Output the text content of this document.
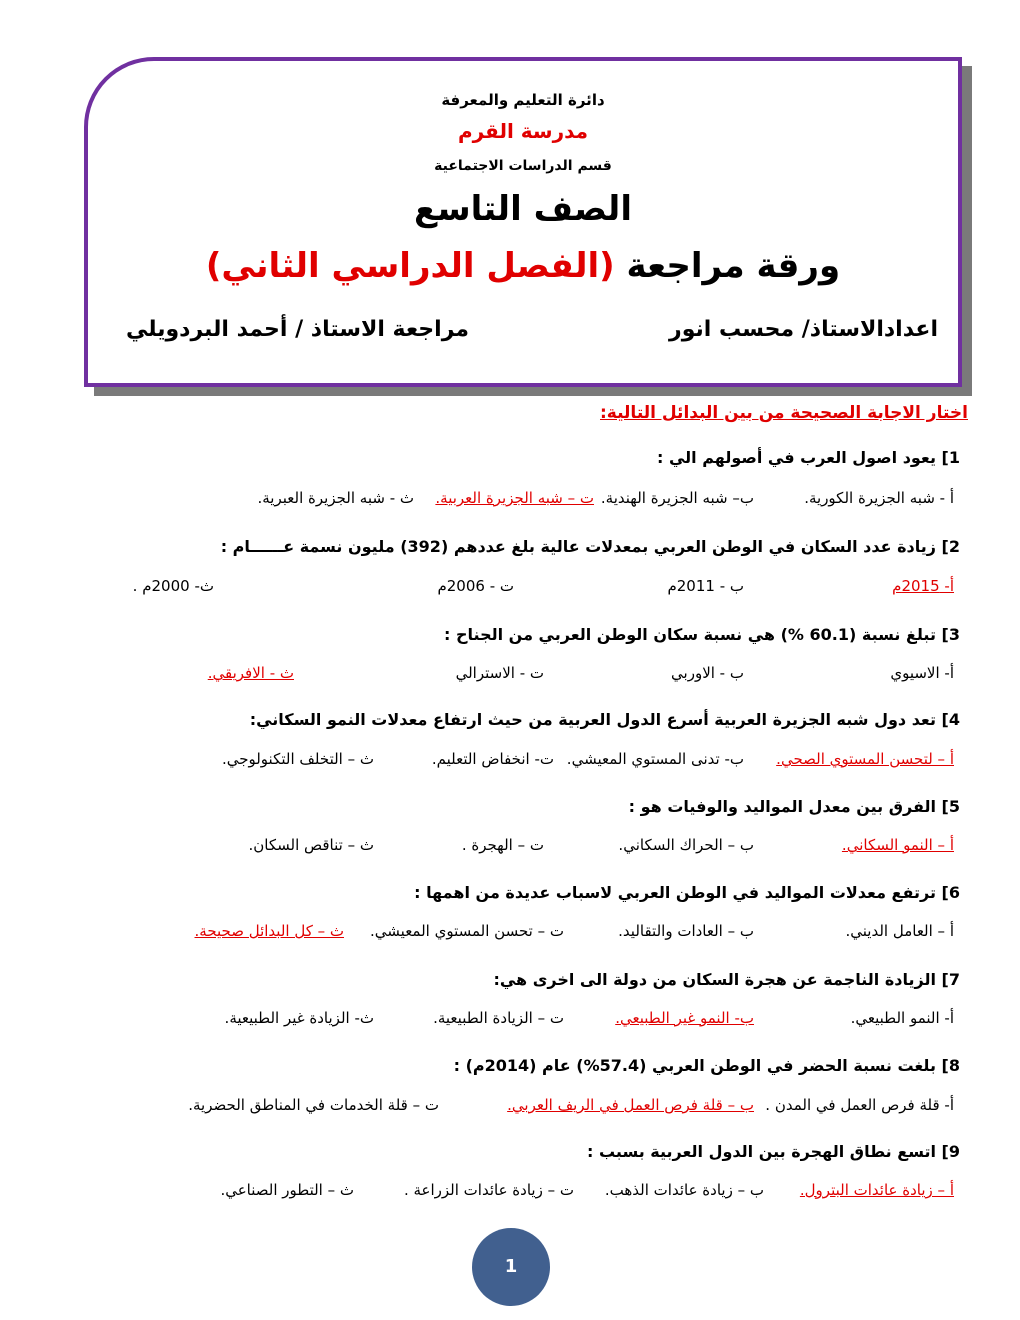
دائرة التعليم والمعرفة
مدرسة القرم
قسم الدراسات الاجتماعية
الصف التاسع
ورقة مراجعة (الفصل الدراسي الثاني)
اعدادالاستاذ/ محسب انور
مراجعة الاستاذ / أحمد البردويلي
اختار الاجابة الصحيحة من بين البدائل التالية:
1] يعود اصول العرب في أصولهم الي :
أ - شبه الجزيرة الكورية.
ب– شبه الجزيرة الهندية.
ت – شبه الجزيرة العربية.
ث - شبه الجزيرة العبرية.
2] زيادة عدد السكان في الوطن العربي بمعدلات عالية بلغ عددهم (392) مليون نسمة عــــــام :
أ- 2015م
ب - 2011م
ت - 2006م
ث- 2000م .
3] تبلغ نسبة (60.1 %) هي نسبة سكان الوطن العربي من الجناح :
أ- الاسيوي
ب - الاوربي
ت - الاسترالي
ث - الافريقي.
4] تعد دول شبه الجزيرة العربية أسرع الدول العربية من حيث ارتفاع معدلات النمو السكاني:
أ – لتحسن المستوي الصحي.
ب- تدنى المستوي المعيشي.
ت- انخفاض التعليم.
ث – التخلف التكنولوجي.
5] الفرق بين معدل المواليد والوفيات هو :
أ – النمو السكاني.
ب – الحراك السكاني.
ت – الهجرة .
ث – تناقص السكان.
6] ترتفع معدلات المواليد في الوطن العربي لاسباب عديدة من اهمها :
أ – العامل الديني.
ب – العادات والتقاليد.
ت – تحسن المستوي المعيشي.
ث – كل البدائل صحيحة.
7] الزيادة الناجمة عن هجرة السكان من دولة الى اخرى هي:
أ- النمو الطبيعي.
ب- النمو غير الطبيعي.
ت – الزيادة الطبيعية.
ث- الزيادة غير الطبيعية.
8] بلغت نسبة الحضر في الوطن العربي (57.4%) عام (2014م) :
أ- قلة فرص العمل في المدن .
ب – قلة فرص العمل في الريف العربي.
ت – قلة الخدمات في المناطق الحضرية.
9] اتسع نطاق الهجرة بين الدول العربية بسبب :
أ – زيادة عائدات البترول.
ب – زيادة عائدات الذهب.
ت – زيادة عائدات الزراعة .
ث – التطور الصناعي.
1
